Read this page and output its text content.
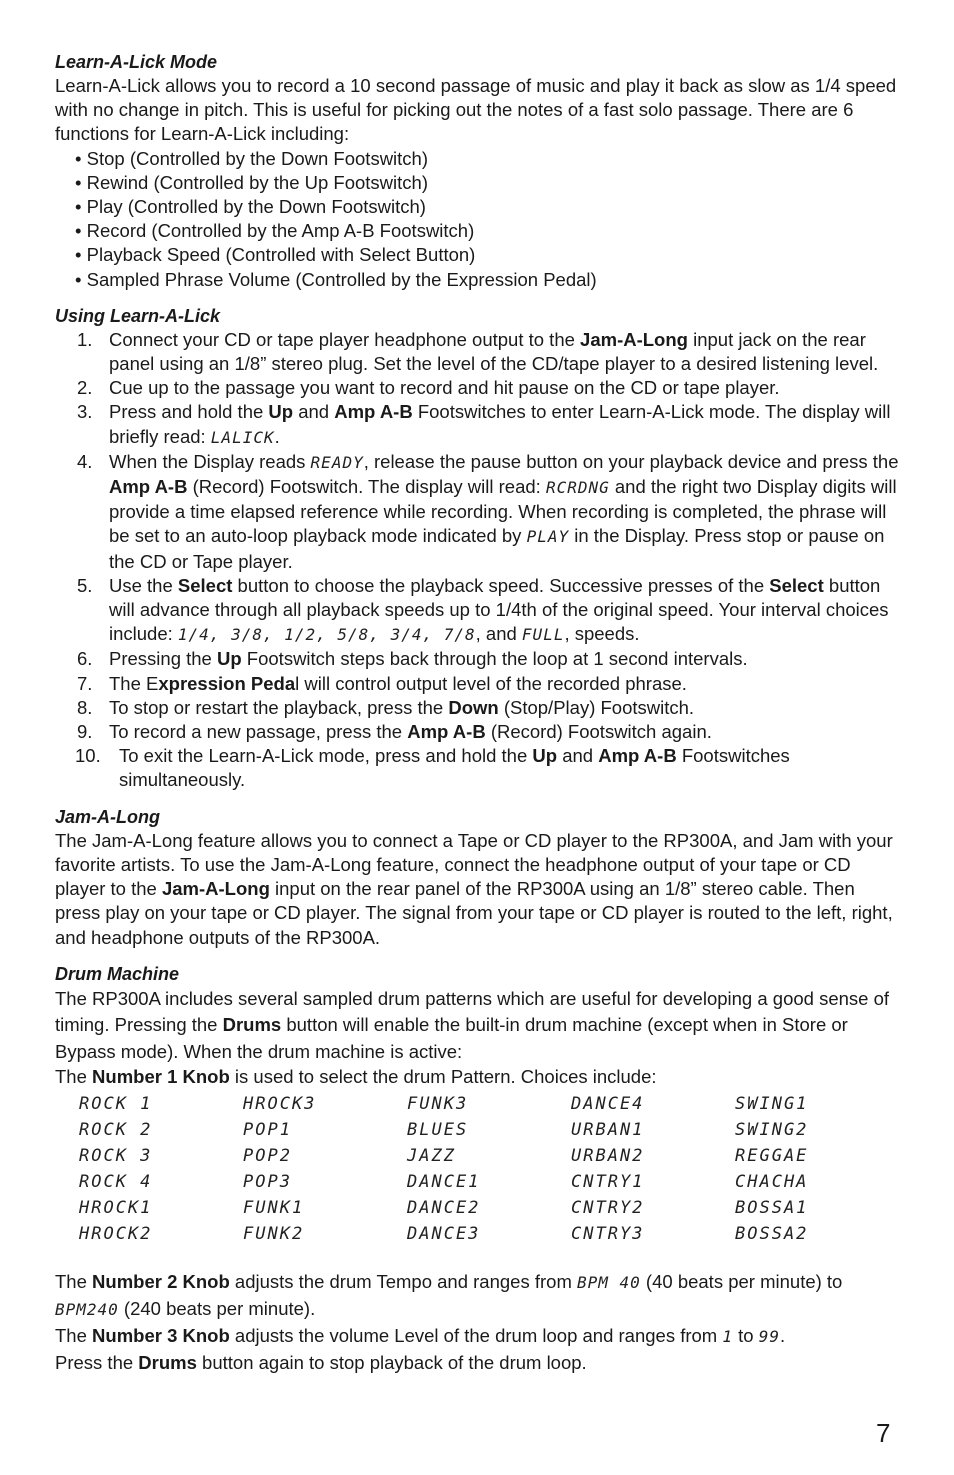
Learn-A-Lick Mode

Learn-A-Lick allows you to record a 10 second passage of music and play it back as slow as 1/4 speed with no change in pitch. This is useful for picking out the notes of a fast solo passage. There are 6 functions for Learn-A-Lick including:

• Stop (Controlled by the Down Footswitch)
• Rewind (Controlled by the Up Footswitch)
• Play (Controlled by the Down Footswitch)
• Record (Controlled by the Amp A-B Footswitch)
• Playback Speed (Controlled with Select Button)
• Sampled Phrase Volume (Controlled by the Expression Pedal)
Using Learn-A-Lick
1. Connect your CD or tape player headphone output to the Jam-A-Long input jack on the rear panel using an 1/8” stereo plug. Set the level of the CD/tape player to a desired listening level.
2. Cue up to the passage you want to record and hit pause on the CD or tape player.
3. Press and hold the Up and Amp A-B Footswitches to enter Learn-A-Lick mode. The display will briefly read: LALICK.
4. When the Display reads READY, release the pause button on your playback device and press the Amp A-B (Record) Footswitch. The display will read: RCRDNG and the right two Display digits will provide a time elapsed reference while recording. When recording is completed, the phrase will be set to an auto-loop playback mode indicated by PLAY in the Display. Press stop or pause on the CD or Tape player.
5. Use the Select button to choose the playback speed. Successive presses of the Select button will advance through all playback speeds up to 1/4th of the original speed. Your interval choices include: 1/4, 3/8, 1/2, 5/8, 3/4, 7/8, and FULL, speeds.
6. Pressing the Up Footswitch steps back through the loop at 1 second intervals.
7. The Expression Pedal will control output level of the recorded phrase.
8. To stop or restart the playback, press the Down (Stop/Play) Footswitch.
9. To record a new passage, press the Amp A-B (Record) Footswitch again.
10. To exit the Learn-A-Lick mode, press and hold the Up and Amp A-B Footswitches simultaneously.
Jam-A-Long

The Jam-A-Long feature allows you to connect a Tape or CD player to the RP300A, and Jam with your favorite artists. To use the Jam-A-Long feature, connect the headphone output of your tape or CD player to the Jam-A-Long input on the rear panel of the RP300A using an 1/8” stereo cable. Then press play on your tape or CD player. The signal from your tape or CD player is routed to the left, right, and headphone outputs of the RP300A.

Drum Machine

The RP300A includes several sampled drum patterns which are useful for developing a good sense of timing. Pressing the Drums button will enable the built-in drum machine (except when in Store or Bypass mode). When the drum machine is active:

The Number 1 Knob is used to select the drum Pattern. Choices include:

ROCK 1	HROCK3	FUNK3	DANCE4	SWING1
ROCK 2	POP1	BLUES	URBAN1	SWING2
ROCK 3	POP2	JAZZ	URBAN2	REGGAE
ROCK 4	POP3	DANCE1	CNTRY1	CHACHA
HROCK1	FUNK1	DANCE2	CNTRY2	BOSSA1
HROCK2	FUNK2	DANCE3	CNTRY3	BOSSA2

The Number 2 Knob adjusts the drum Tempo and ranges from BPM 40 (40 beats per minute) to BPM240 (240 beats per minute).

The Number 3 Knob adjusts the volume Level of the drum loop and ranges from 1 to 99.
Press the Drums button again to stop playback of the drum loop.

7
